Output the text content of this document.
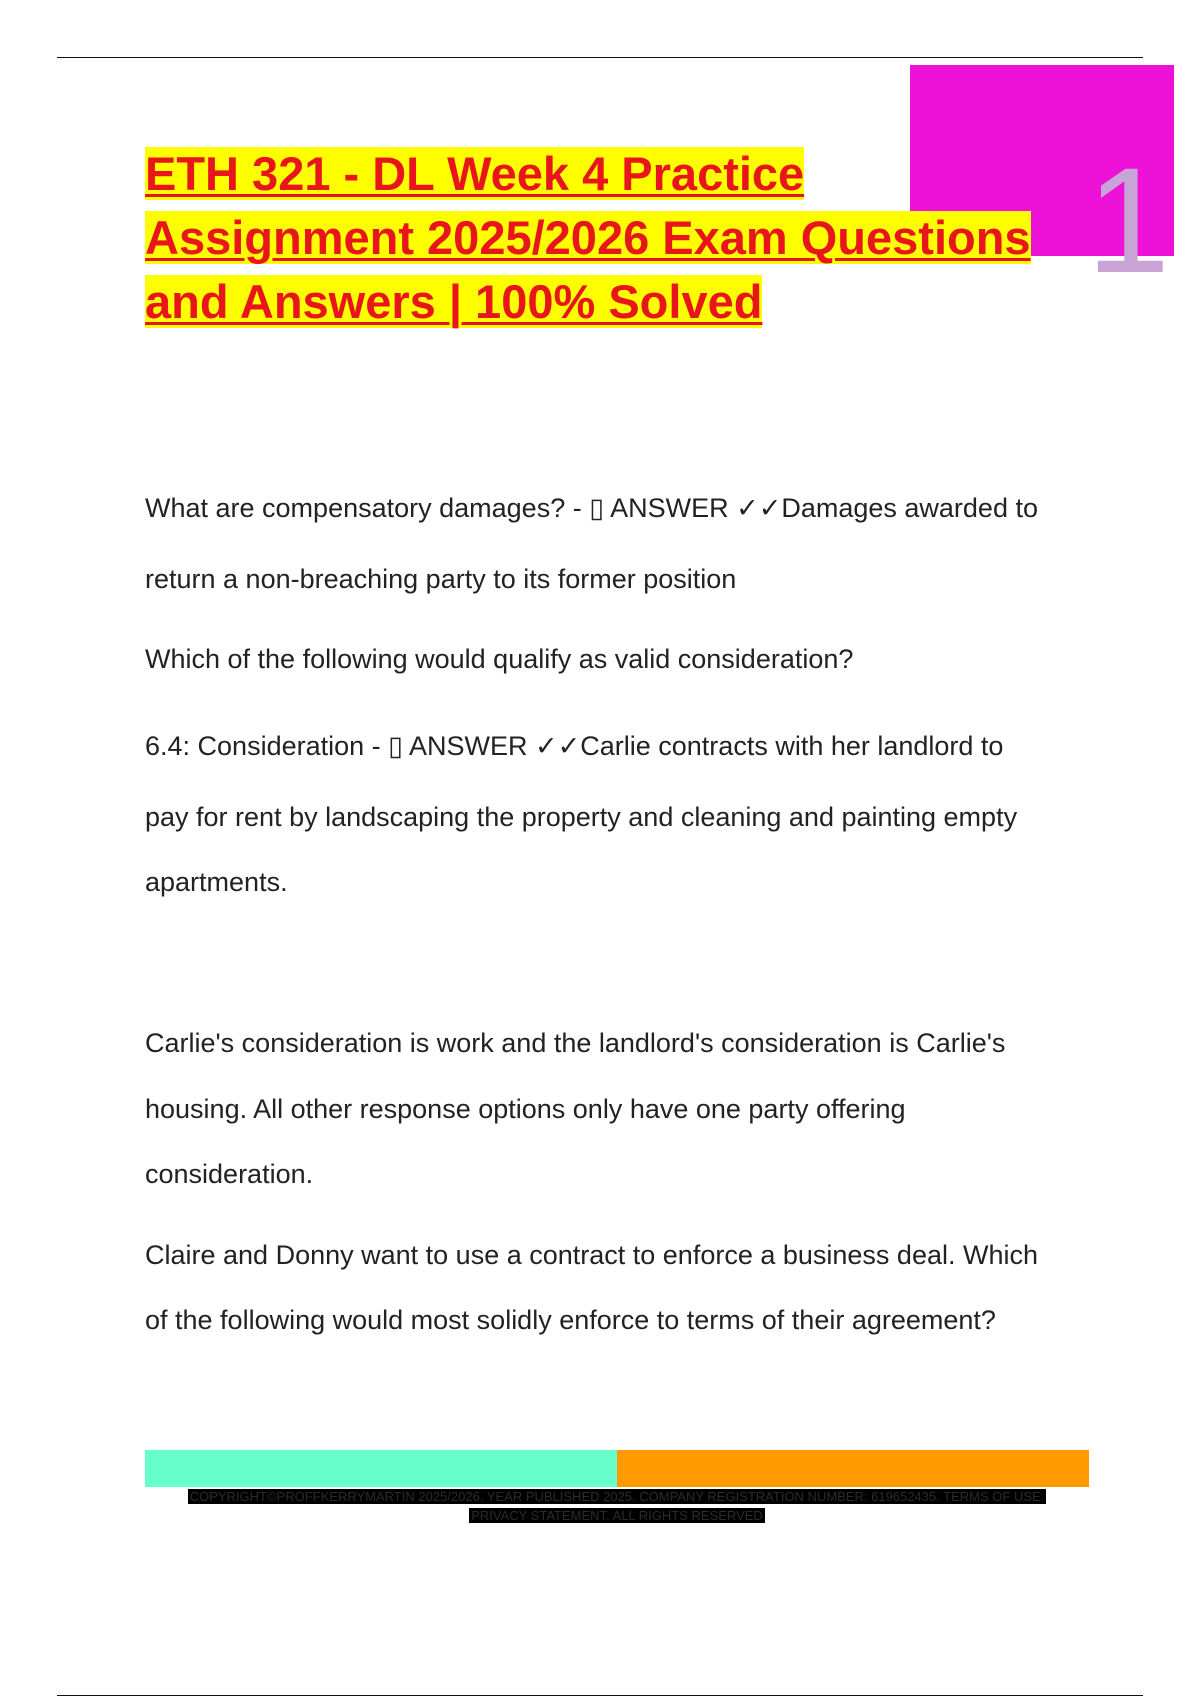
1
ETH 321 - DL Week 4 Practice
Assignment 2025/2026 Exam Questions
and Answers | 100% Solved

What are compensatory damages? - ▯ ANSWER ✓✓Damages awarded to

return a non-breaching party to its former position

Which of the following would qualify as valid consideration?

6.4: Consideration - ▯ ANSWER ✓✓Carlie contracts with her landlord to

pay for rent by landscaping the property and cleaning and painting empty

apartments.

Carlie's consideration is work and the landlord's consideration is Carlie's

housing. All other response options only have one party offering

consideration.

Claire and Donny want to use a contract to enforce a business deal. Which

of the following would most solidly enforce to terms of their agreement?

COPYRIGHT©PROFFKERRYMARTIN 2025/2026. YEAR PUBLISHED 2025. COMPANY REGISTRATION NUMBER: 619652435. TERMS OF USE.
PRIVACY STATEMENT. ALL RIGHTS RESERVED
